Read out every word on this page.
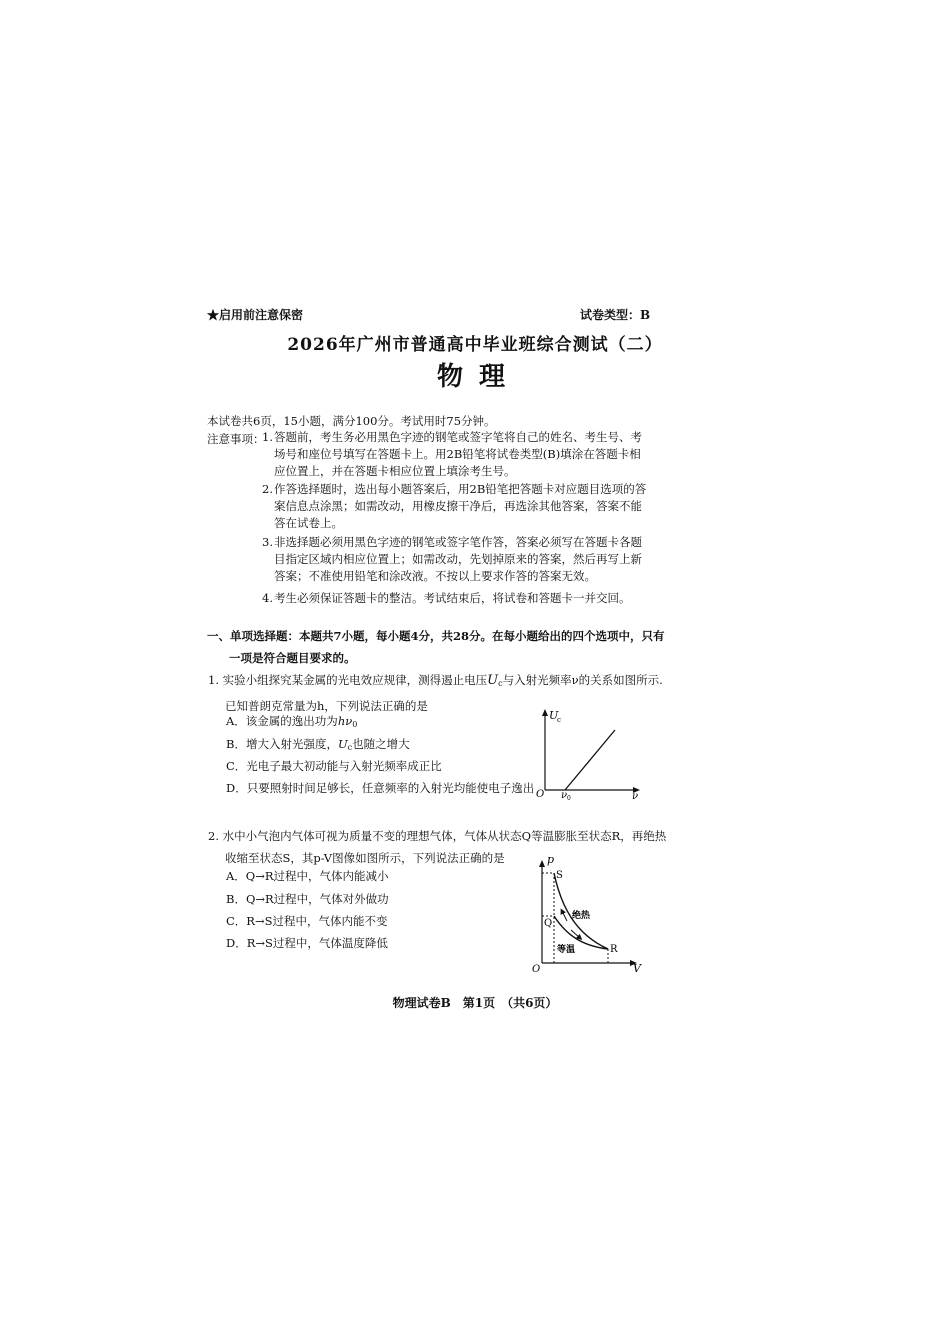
★启用前注意保密	试卷类型：B
2026年广州市普通高中毕业班综合测试（二）
物理
本试卷共6页，15小题，满分100分。考试用时75分钟。
注意事项：
1. 答题前，考生务必用黑色字迹的钢笔或签字笔将自己的姓名、考生号、考场号和座位号填写在答题卡上。用2B铅笔将试卷类型(B)填涂在答题卡相应位置上，并在答题卡相应位置上填涂考生号。
2. 作答选择题时，选出每小题答案后，用2B铅笔把答题卡对应题目选项的答案信息点涂黑；如需改动，用橡皮擦干净后，再选涂其他答案，答案不能答在试卷上。
3. 非选择题必须用黑色字迹的钢笔或签字笔作答，答案必须写在答题卡各题目指定区域内相应位置上；如需改动，先划掉原来的答案，然后再写上新答案；不准使用铅笔和涂改液。不按以上要求作答的答案无效。
4. 考生必须保证答题卡的整洁。考试结束后，将试卷和答题卡一并交回。
一、单项选择题：本题共7小题，每小题4分，共28分。在每小题给出的四个选项中，只有
一项是符合题目要求的。
1. 实验小组探究某金属的光电效应规律，测得遏止电压$U_c$与入射光频率ν的关系如图所示.
已知普朗克常量为h，下列说法正确的是
A．该金属的逸出功为$h\nu_0$
B．增大入射光强度，$U_c$也随之增大
C．光电子最大初动能与入射光频率成正比
D．只要照射时间足够长，任意频率的入射光均能使电子逸出
U
c
O ν 0	ν
2. 水中小气泡内气体可视为质量不变的理想气体，气体从状态Q等温膨胀至状态R，再绝热
收缩至状态S，其p-V图像如图所示，下列说法正确的是
A．Q→R过程中，气体内能减小
B．Q→R过程中，气体对外做功
C．R→S过程中，气体内能不变
D．R→S过程中，气体温度降低
p
V
O
S
Q
R
绝热
等温
物理试卷B　第1页　（共6页）
